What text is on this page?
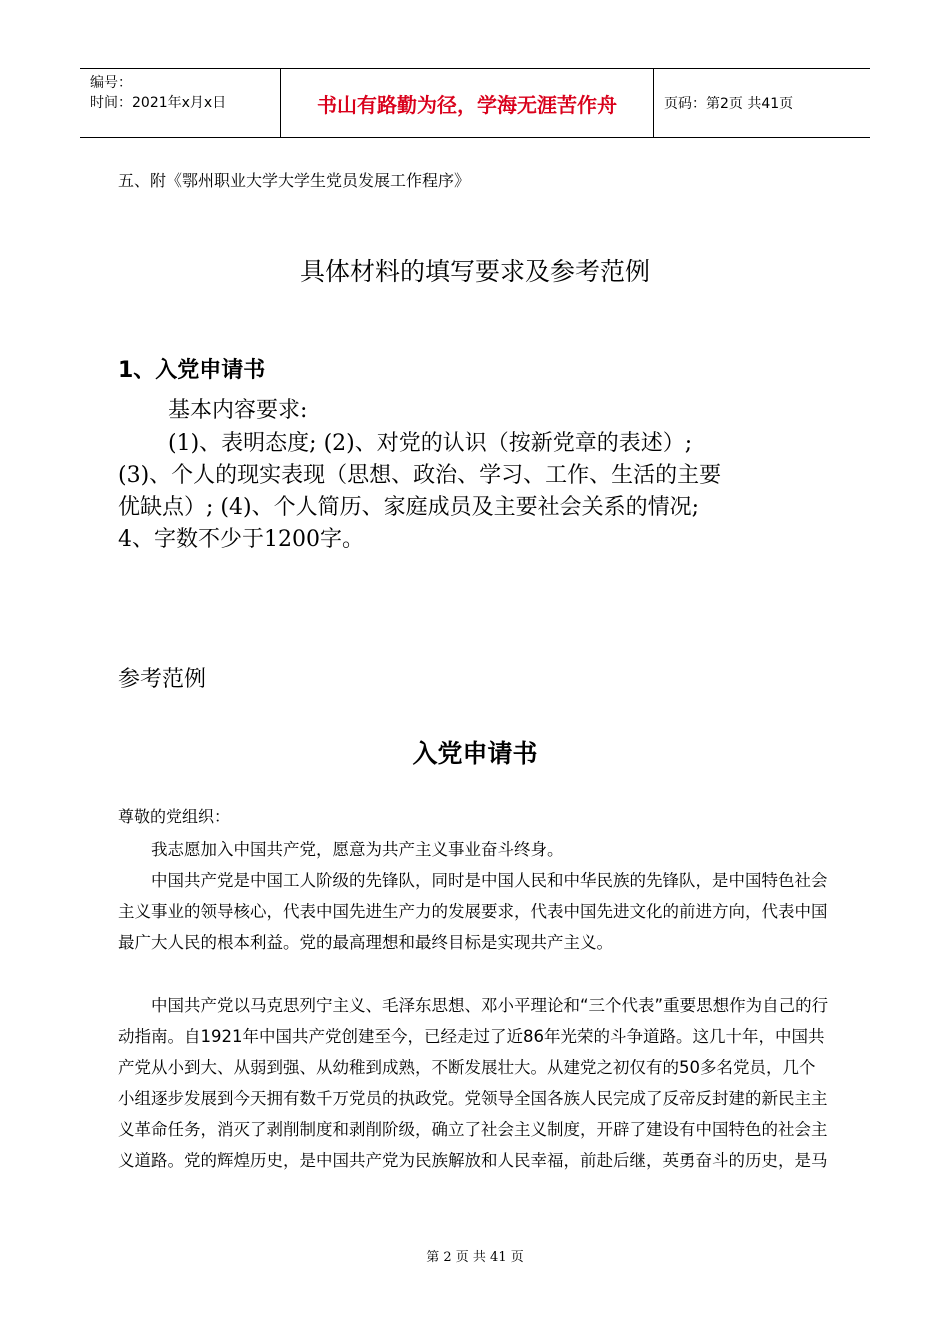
编号：
时间：2021年x月x日	书山有路勤为径，学海无涯苦作舟	页码：第2页 共41页
五、附《鄂州职业大学大学生党员发展工作程序》
具体材料的填写要求及参考范例
1、入党申请书
基本内容要求:
(1)、表明态度; (2)、对党的认识（按新党章的表述）;
(3)、个人的现实表现（思想、政治、学习、工作、生活的主要
优缺点）; (4)、个人简历、家庭成员及主要社会关系的情况;
4、字数不少于1200字。
参考范例
入党申请书
尊敬的党组织：
我志愿加入中国共产党，愿意为共产主义事业奋斗终身。
中国共产党是中国工人阶级的先锋队，同时是中国人民和中华民族的先锋队，是中国特色社会主义事业的领导核心，代表中国先进生产力的发展要求，代表中国先进文化的前进方向，代表中国最广大人民的根本利益。党的最高理想和最终目标是实现共产主义。
中国共产党以马克思列宁主义、毛泽东思想、邓小平理论和“三个代表”重要思想作为自己的行动指南。自1921年中国共产党创建至今，已经走过了近86年光荣的斗争道路。这几十年，中国共产党从小到大、从弱到强、从幼稚到成熟，不断发展壮大。从建党之初仅有的50多名党员，几个小组逐步发展到今天拥有数千万党员的执政党。党领导全国各族人民完成了反帝反封建的新民主主义革命任务，消灭了剥削制度和剥削阶级，确立了社会主义制度，开辟了建设有中国特色的社会主义道路。党的辉煌历史，是中国共产党为民族解放和人民幸福，前赴后继，英勇奋斗的历史，是马
第 2 页 共 41 页
